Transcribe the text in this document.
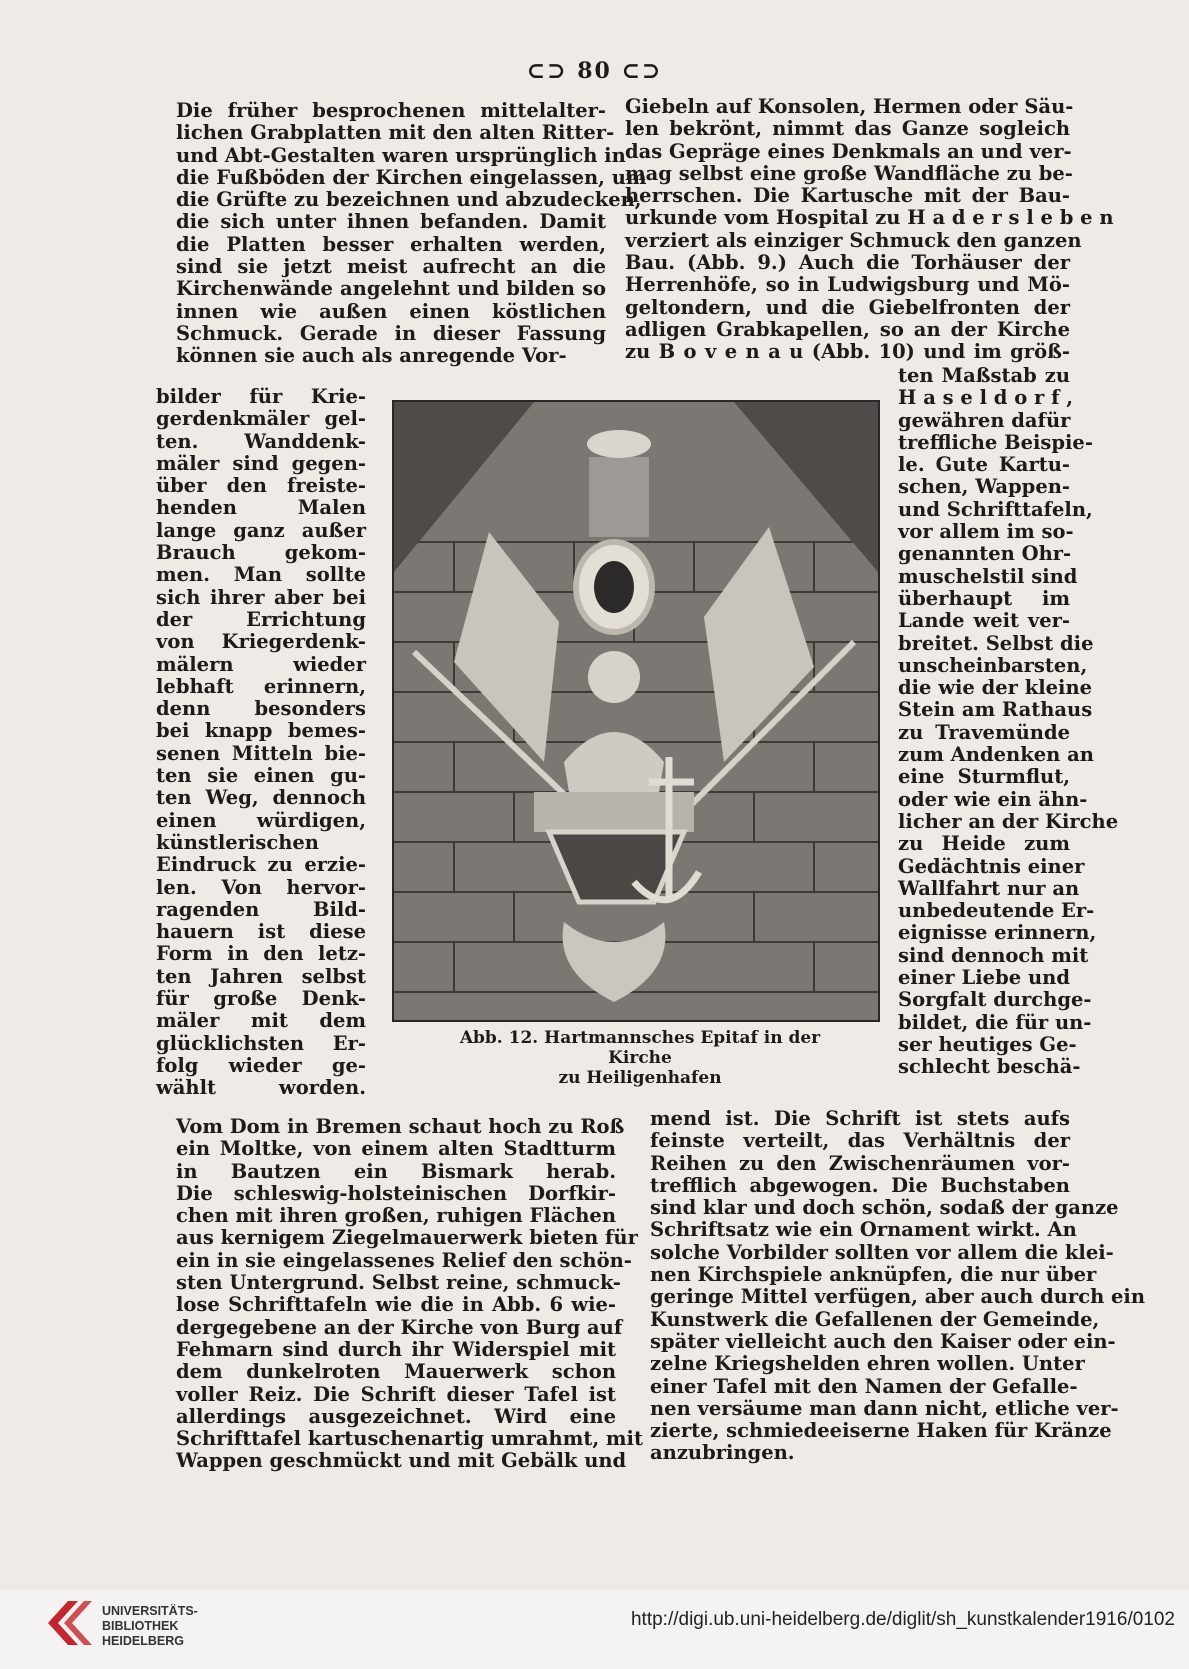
⊂⊃ 80 ⊂⊃
Die früher besprochenen mittelalter-
lichen Grabplatten mit den alten Ritter-
und Abt-Gestalten waren ursprünglich in
die Fußböden der Kirchen eingelassen, um
die Grüfte zu bezeichnen und abzudecken,
die sich unter ihnen befanden. Damit
die Platten besser erhalten werden,
sind sie jetzt meist aufrecht an die
Kirchenwände angelehnt und bilden so
innen wie außen einen köstlichen
Schmuck. Gerade in dieser Fassung
können sie auch als anregende Vor-
bilder für Krie-
gerdenkmäler gel-
ten. Wanddenk-
mäler sind gegen-
über den freiste-
henden Malen
lange ganz außer
Brauch gekom-
men. Man sollte
sich ihrer aber bei
der Errichtung
von Kriegerdenk-
mälern wieder
lebhaft erinnern,
denn besonders
bei knapp bemes-
senen Mitteln bie-
ten sie einen gu-
ten Weg, dennoch
einen würdigen,
künstlerischen
Eindruck zu erzie-
len. Von hervor-
ragenden Bild-
hauern ist diese
Form in den letz-
ten Jahren selbst
für große Denk-
mäler mit dem
glücklichsten Er-
folg wieder ge-
wählt worden.
Vom Dom in Bremen schaut hoch zu Roß
ein Moltke, von einem alten Stadtturm
in Bautzen ein Bismark herab.
Die schleswig-holsteinischen Dorfkir-
chen mit ihren großen, ruhigen Flächen
aus kernigem Ziegelmauerwerk bieten für
ein in sie eingelassenes Relief den schön-
sten Untergrund. Selbst reine, schmuck-
lose Schrifttafeln wie die in Abb. 6 wie-
dergegebene an der Kirche von Burg auf
Fehmarn sind durch ihr Widerspiel mit
dem dunkelroten Mauerwerk schon
voller Reiz. Die Schrift dieser Tafel ist
allerdings ausgezeichnet. Wird eine
Schrifttafel kartuschenartig umrahmt, mit
Wappen geschmückt und mit Gebälk und
Giebeln auf Konsolen, Hermen oder Säu-
len bekrönt, nimmt das Ganze sogleich
das Gepräge eines Denkmals an und ver-
mag selbst eine große Wandfläche zu be-
herrschen. Die Kartusche mit der Bau-
urkunde vom Hospital zu H a d e r s l e b e n
verziert als einziger Schmuck den ganzen
Bau. (Abb. 9.) Auch die Torhäuser der
Herrenhöfe, so in Ludwigsburg und Mö-
geltondern, und die Giebelfronten der
adligen Grabkapellen, so an der Kirche
zu B o v e n a u (Abb. 10) und im größ-
ten Maßstab zu
H a s e l d o r f ,
gewähren dafür
treffliche Beispie-
le. Gute Kartu-
schen, Wappen-
und Schrifttafeln,
vor allem im so-
genannten Ohr-
muschelstil sind
überhaupt im
Lande weit ver-
breitet. Selbst die
unscheinbarsten,
die wie der kleine
Stein am Rathaus
zu Travemünde
zum Andenken an
eine Sturmflut,
oder wie ein ähn-
licher an der Kirche
zu Heide zum
Gedächtnis einer
Wallfahrt nur an
unbedeutende Er-
eignisse erinnern,
sind dennoch mit
einer Liebe und
Sorgfalt durchge-
bildet, die für un-
ser heutiges Ge-
schlecht beschä-
mend ist. Die Schrift ist stets aufs
feinste verteilt, das Verhältnis der
Reihen zu den Zwischenräumen vor-
trefflich abgewogen. Die Buchstaben
sind klar und doch schön, sodaß der ganze
Schriftsatz wie ein Ornament wirkt. An
solche Vorbilder sollten vor allem die klei-
nen Kirchspiele anknüpfen, die nur über
geringe Mittel verfügen, aber auch durch ein
Kunstwerk die Gefallenen der Gemeinde,
später vielleicht auch den Kaiser oder ein-
zelne Kriegshelden ehren wollen. Unter
einer Tafel mit den Namen der Gefalle-
nen versäume man dann nicht, etliche ver-
zierte, schmiedeeiserne Haken für Kränze
anzubringen.
Abb. 12. Hartmannsches Epitaf in der Kirche
zu Heiligenhafen
UNIVERSITÄTS-
BIBLIOTHEK
HEIDELBERG
http://digi.ub.uni-heidelberg.de/diglit/sh_kunstkalender1916/0102
